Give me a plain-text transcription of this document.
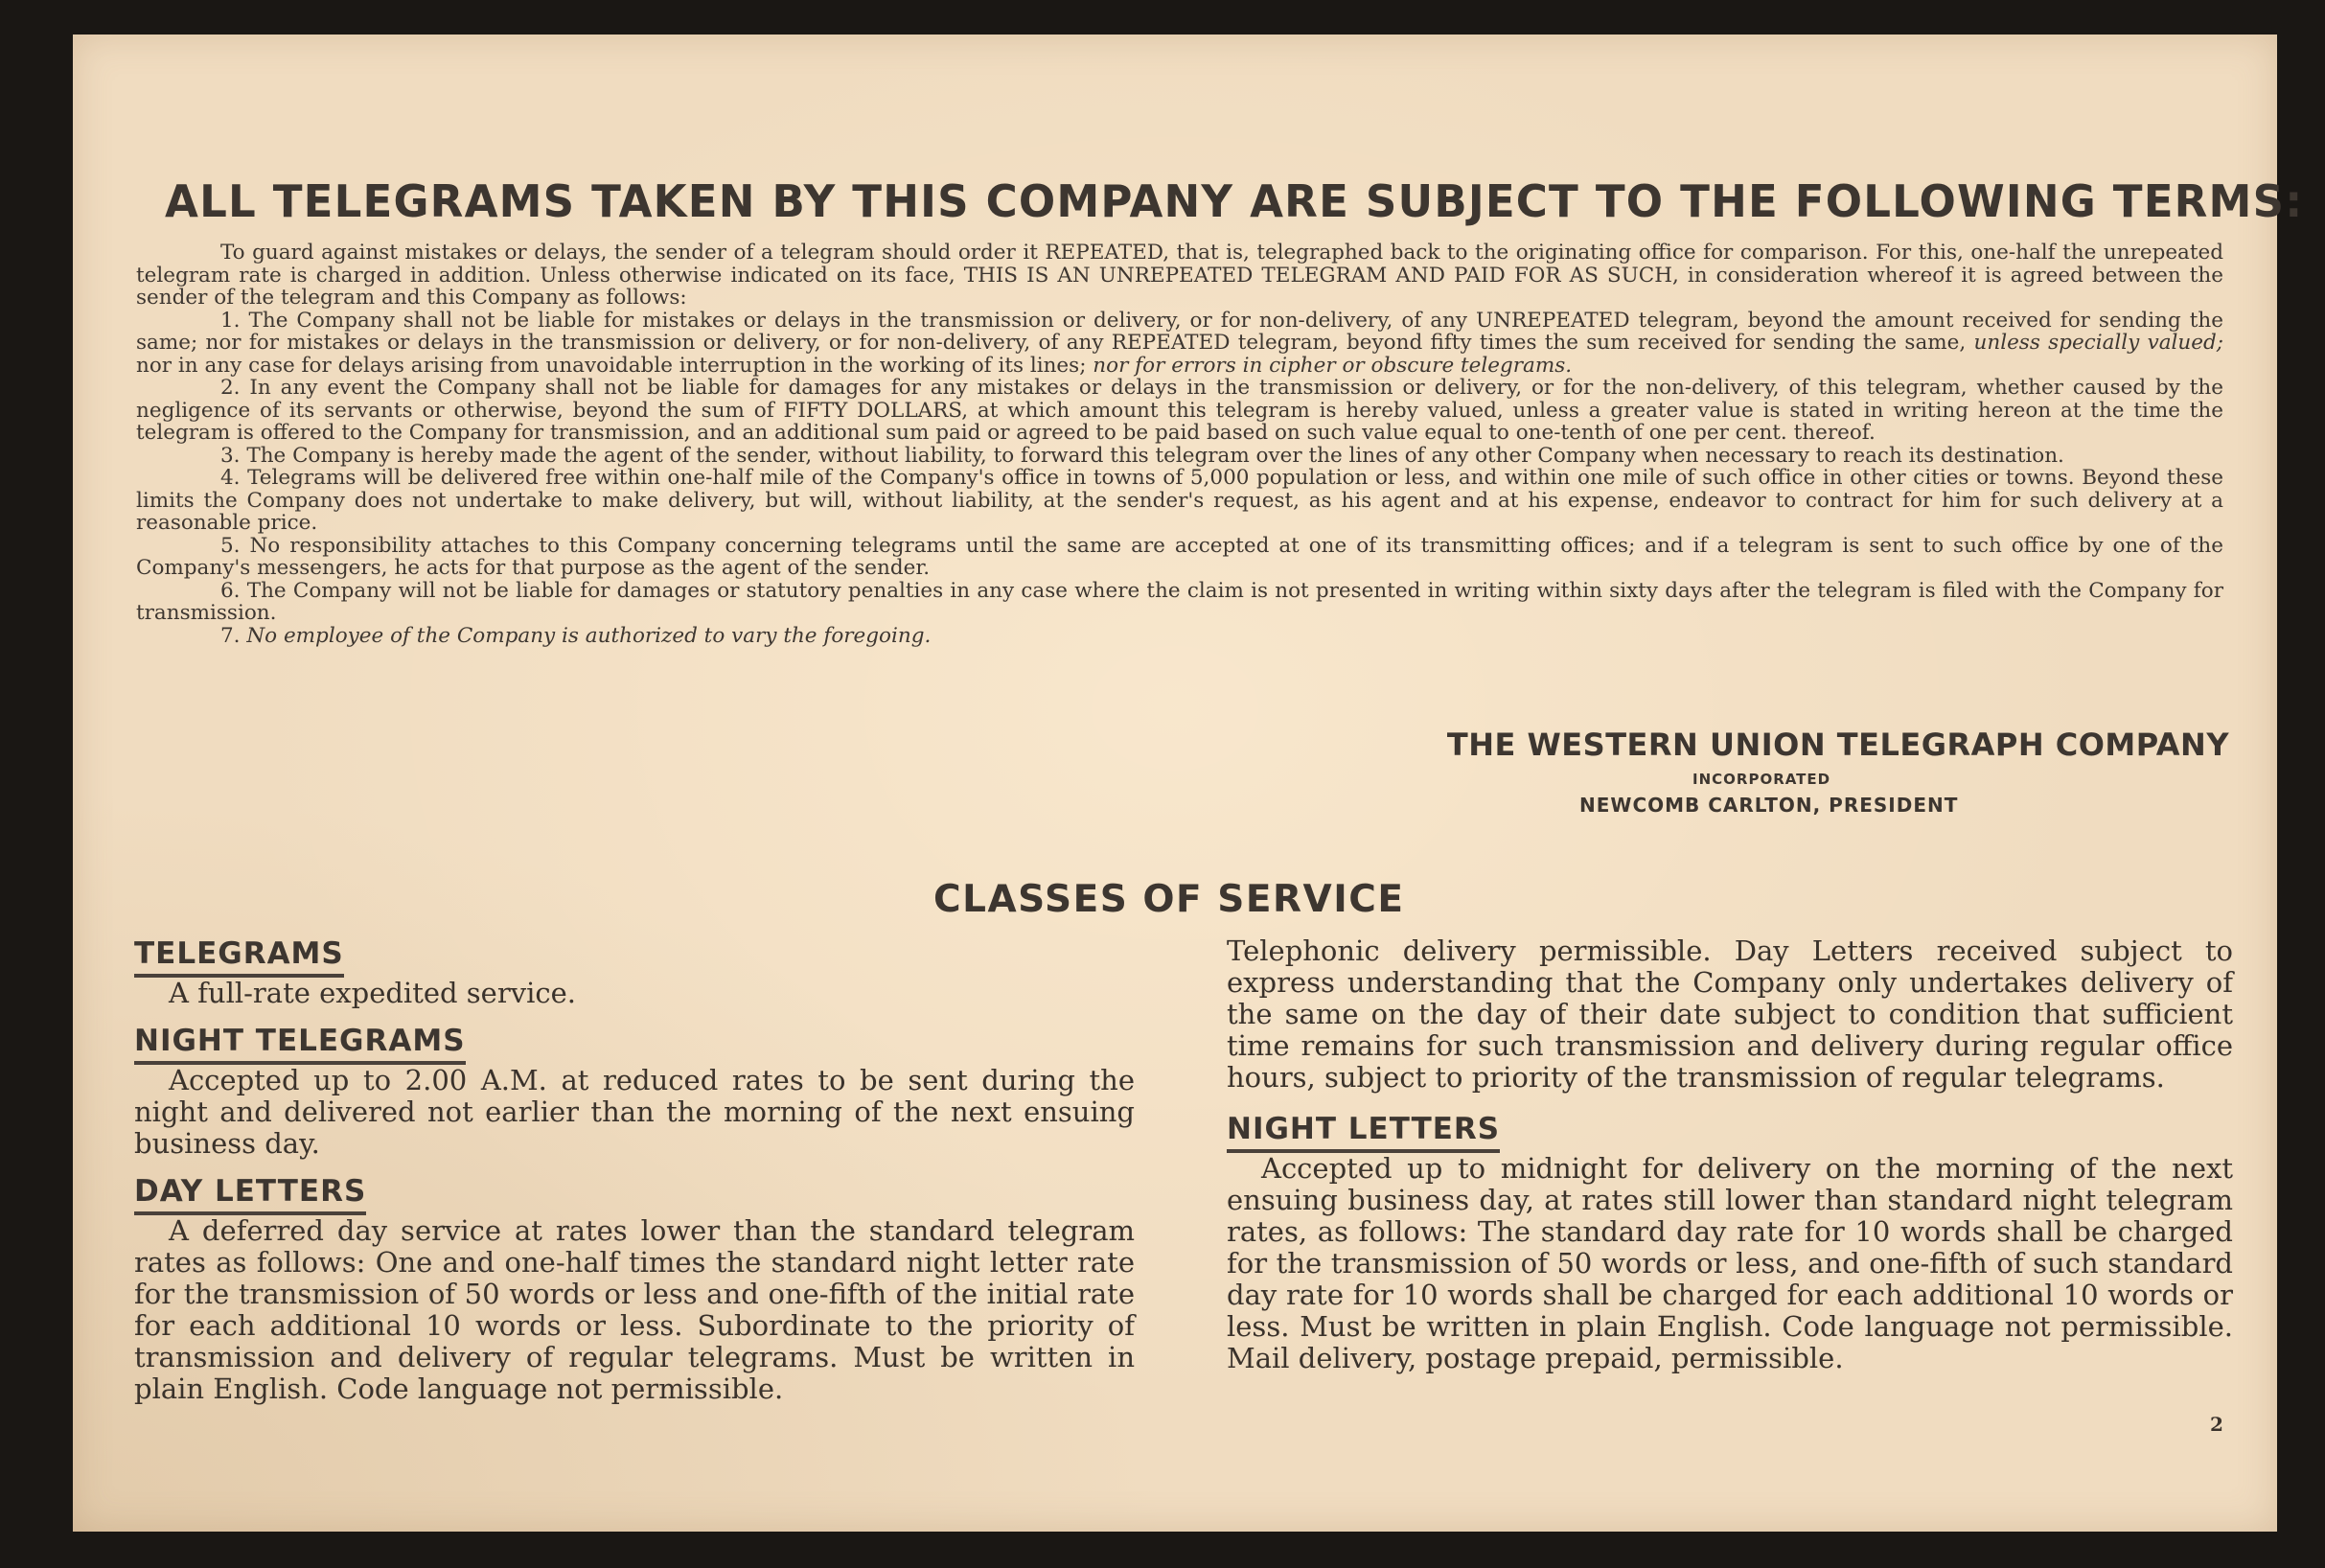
ALL TELEGRAMS TAKEN BY THIS COMPANY ARE SUBJECT TO THE FOLLOWING TERMS:

To guard against mistakes or delays, the sender of a telegram should order it REPEATED, that is, telegraphed back to the originating office for comparison. For this, one-half the unrepeated telegram rate is charged in addition. Unless otherwise indicated on its face, THIS IS AN UNREPEATED TELEGRAM AND PAID FOR AS SUCH, in consideration whereof it is agreed between the sender of the telegram and this Company as follows:

1. The Company shall not be liable for mistakes or delays in the transmission or delivery, or for non-delivery, of any UNREPEATED telegram, beyond the amount received for sending the same; nor for mistakes or delays in the transmission or delivery, or for non-delivery, of any REPEATED telegram, beyond fifty times the sum received for sending the same, unless specially valued; nor in any case for delays arising from unavoidable interruption in the working of its lines; nor for errors in cipher or obscure telegrams.

2. In any event the Company shall not be liable for damages for any mistakes or delays in the transmission or delivery, or for the non-delivery, of this telegram, whether caused by the negligence of its servants or otherwise, beyond the sum of FIFTY DOLLARS, at which amount this telegram is hereby valued, unless a greater value is stated in writing hereon at the time the telegram is offered to the Company for transmission, and an additional sum paid or agreed to be paid based on such value equal to one-tenth of one per cent. thereof.

3. The Company is hereby made the agent of the sender, without liability, to forward this telegram over the lines of any other Company when necessary to reach its destination.

4. Telegrams will be delivered free within one-half mile of the Company's office in towns of 5,000 population or less, and within one mile of such office in other cities or towns. Beyond these limits the Company does not undertake to make delivery, but will, without liability, at the sender's request, as his agent and at his expense, endeavor to contract for him for such delivery at a reasonable price.

5. No responsibility attaches to this Company concerning telegrams until the same are accepted at one of its transmitting offices; and if a telegram is sent to such office by one of the Company's messengers, he acts for that purpose as the agent of the sender.

6. The Company will not be liable for damages or statutory penalties in any case where the claim is not presented in writing within sixty days after the telegram is filed with the Company for transmission.

7. No employee of the Company is authorized to vary the foregoing.

THE WESTERN UNION TELEGRAPH COMPANY
INCORPORATED
NEWCOMB CARLTON, PRESIDENT
CLASSES OF SERVICE
TELEGRAMS

A full-rate expedited service.

NIGHT TELEGRAMS

Accepted up to 2.00 A.M. at reduced rates to be sent during the night and delivered not earlier than the morning of the next ensuing business day.

DAY LETTERS

A deferred day service at rates lower than the standard telegram rates as follows: One and one-half times the standard night letter rate for the transmission of 50 words or less and one-fifth of the initial rate for each additional 10 words or less. Subordinate to the priority of transmission and delivery of regular telegrams. Must be written in plain English. Code language not permissible.

Telephonic delivery permissible. Day Letters received subject to express understanding that the Company only undertakes delivery of the same on the day of their date subject to condition that sufficient time remains for such transmission and delivery during regular office hours, subject to priority of the transmission of regular telegrams.

NIGHT LETTERS

Accepted up to midnight for delivery on the morning of the next ensuing business day, at rates still lower than standard night telegram rates, as follows: The standard day rate for 10 words shall be charged for the transmission of 50 words or less, and one-fifth of such standard day rate for 10 words shall be charged for each additional 10 words or less. Must be written in plain English. Code language not permissible. Mail delivery, postage prepaid, permissible.

2
